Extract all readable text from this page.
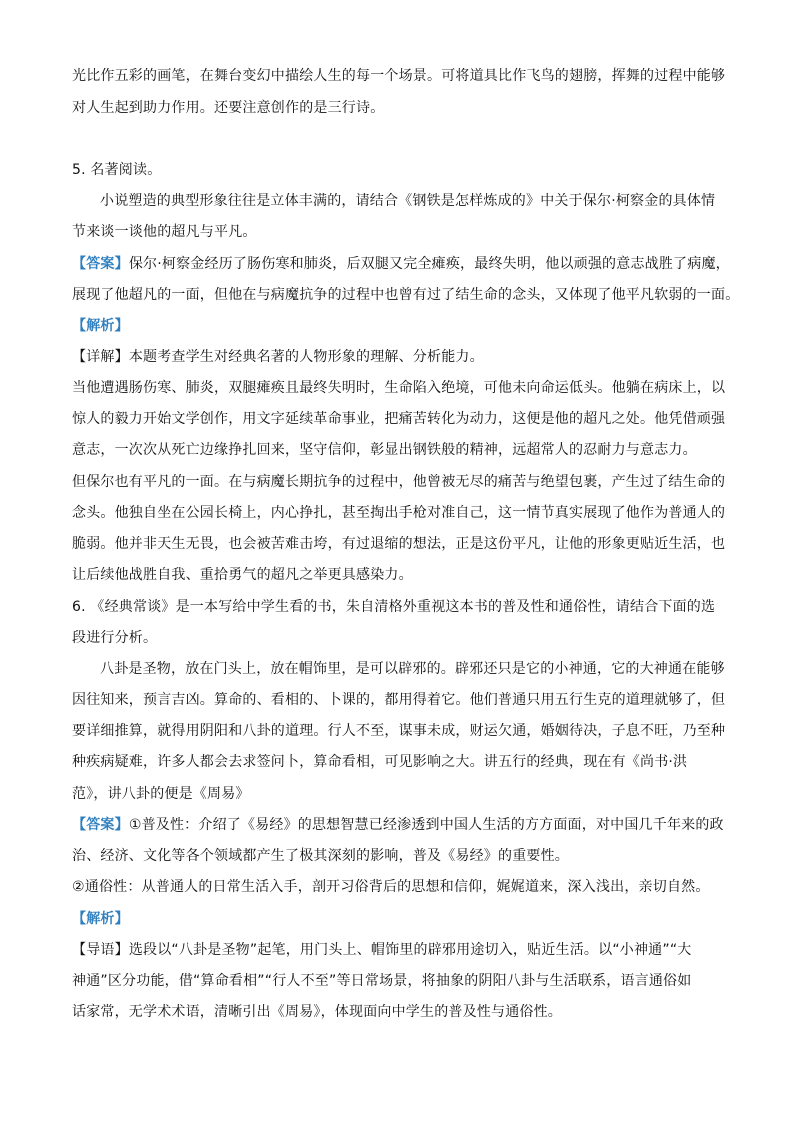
光比作五彩的画笔，在舞台变幻中描绘人生的每一个场景。可将道具比作飞鸟的翅膀，挥舞的过程中能够
对人生起到助力作用。还要注意创作的是三行诗。
5. 名著阅读。
小说塑造的典型形象往往是立体丰满的，请结合《钢铁是怎样炼成的》中关于保尔·柯察金的具体情
节来谈一谈他的超凡与平凡。
【答案】保尔·柯察金经历了肠伤寒和肺炎，后双腿又完全瘫痪，最终失明，他以顽强的意志战胜了病魔，
展现了他超凡的一面，但他在与病魔抗争的过程中也曾有过了结生命的念头，又体现了他平凡软弱的一面。
【解析】
【详解】本题考查学生对经典名著的人物形象的理解、分析能力。
当他遭遇肠伤寒、肺炎，双腿瘫痪且最终失明时，生命陷入绝境，可他未向命运低头。他躺在病床上，以
惊人的毅力开始文学创作，用文字延续革命事业，把痛苦转化为动力，这便是他的超凡之处。他凭借顽强
意志，一次次从死亡边缘挣扎回来，坚守信仰，彰显出钢铁般的精神，远超常人的忍耐力与意志力。
但保尔也有平凡的一面。在与病魔长期抗争的过程中，他曾被无尽的痛苦与绝望包裹，产生过了结生命的
念头。他独自坐在公园长椅上，内心挣扎，甚至掏出手枪对准自己，这一情节真实展现了他作为普通人的
脆弱。他并非天生无畏，也会被苦难击垮，有过退缩的想法，正是这份平凡，让他的形象更贴近生活，也
让后续他战胜自我、重拾勇气的超凡之举更具感染力。
6. 《经典常谈》是一本写给中学生看的书，朱自清格外重视这本书的普及性和通俗性，请结合下面的选
段进行分析。
八卦是圣物，放在门头上，放在帽饰里，是可以辟邪的。辟邪还只是它的小神通，它的大神通在能够
因往知来，预言吉凶。算命的、看相的、卜课的，都用得着它。他们普通只用五行生克的道理就够了，但
要详细推算，就得用阴阳和八卦的道理。行人不至，谋事未成，财运欠通，婚姻待决，子息不旺，乃至种
种疾病疑难，许多人都会去求签问卜，算命看相，可见影响之大。讲五行的经典，现在有《尚书·洪
范》，讲八卦的便是《周易》
【答案】①普及性：介绍了《易经》的思想智慧已经渗透到中国人生活的方方面面，对中国几千年来的政
治、经济、文化等各个领域都产生了极其深刻的影响，普及《易经》的重要性。
②通俗性：从普通人的日常生活入手，剖开习俗背后的思想和信仰，娓娓道来，深入浅出，亲切自然。
【解析】
【导语】选段以“八卦是圣物”起笔，用门头上、帽饰里的辟邪用途切入，贴近生活。以“小神通”“大
神通”区分功能，借“算命看相”“行人不至”等日常场景，将抽象的阴阳八卦与生活联系，语言通俗如
话家常，无学术术语，清晰引出《周易》，体现面向中学生的普及性与通俗性。
